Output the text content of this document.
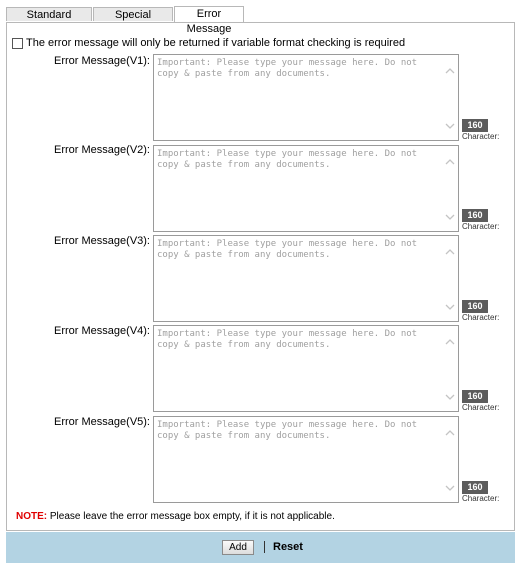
Standard	Special	Error Message
The error message will only be returned if variable format checking is required
Error Message(V1): Important: Please type your message here. Do not copy & paste from any documents.
160
Character:
Error Message(V2): Important: Please type your message here. Do not copy & paste from any documents.
160
Character:
Error Message(V3): Important: Please type your message here. Do not copy & paste from any documents.
160
Character:
Error Message(V4): Important: Please type your message here. Do not copy & paste from any documents.
160
Character:
Error Message(V5): Important: Please type your message here. Do not copy & paste from any documents.
160
Character:
NOTE: Please leave the error message box empty, if it is not applicable.
Add	Reset
